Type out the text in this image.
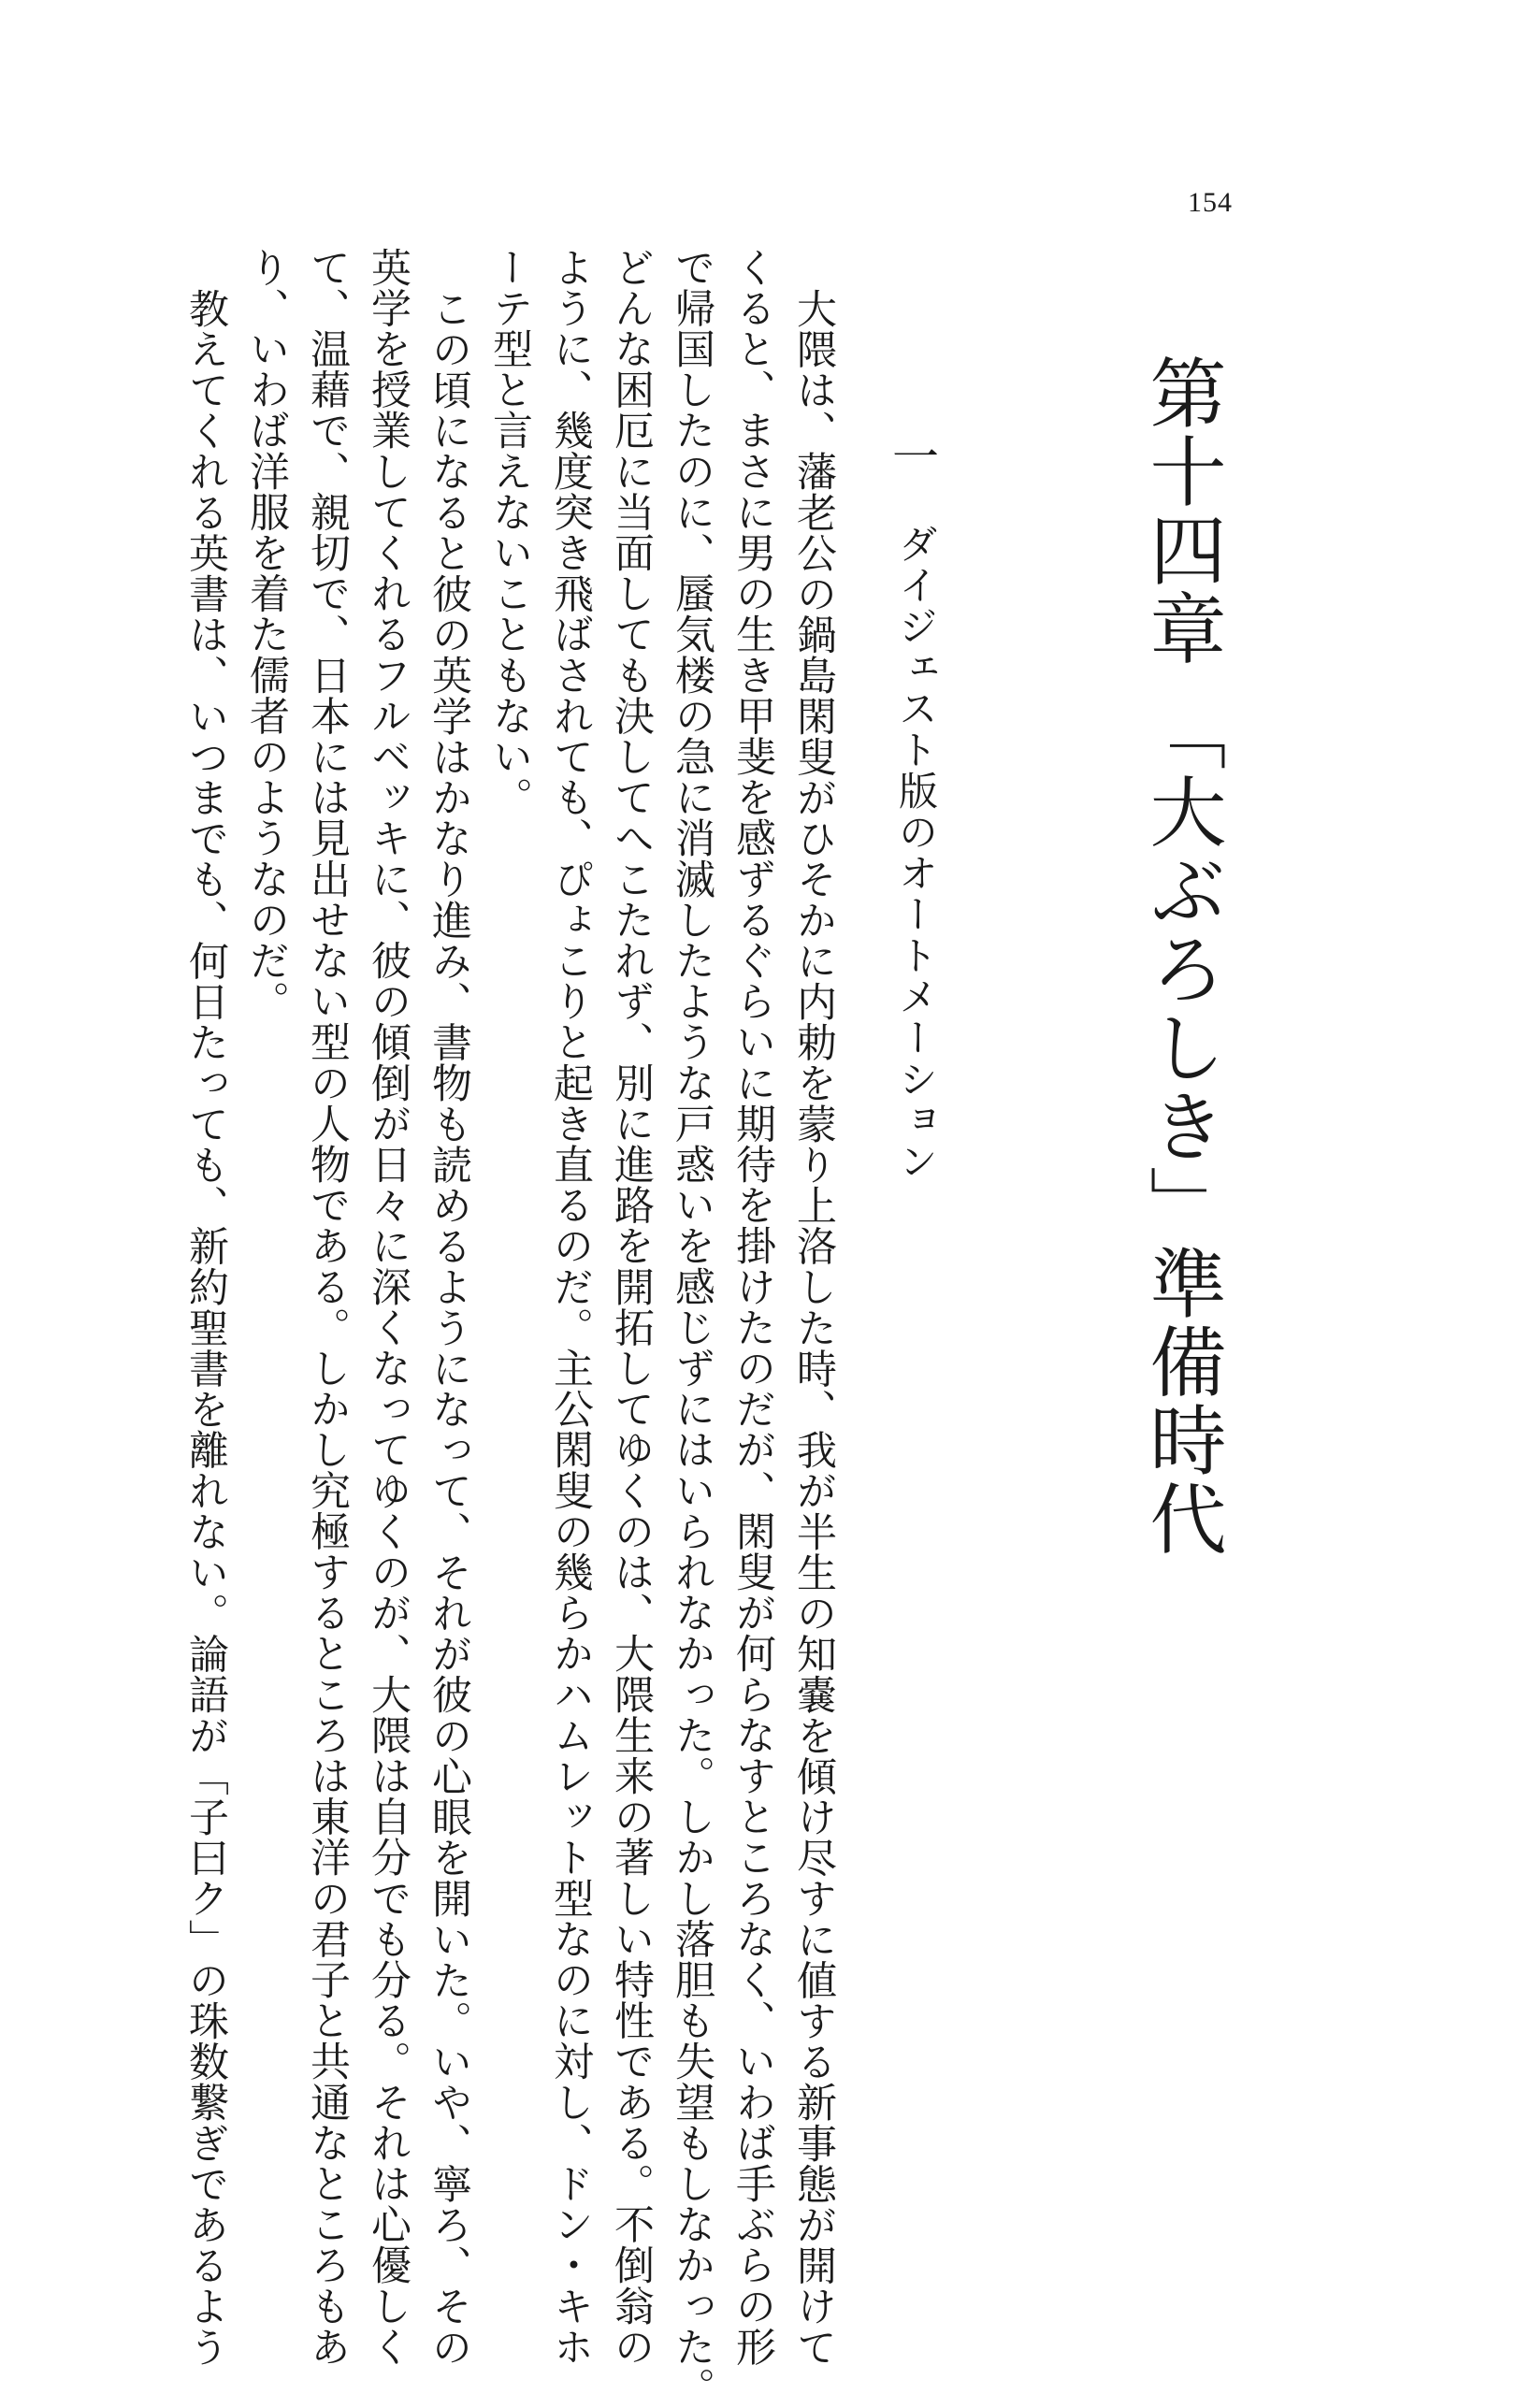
154
第十四章 「大ぶろしき」準備時代
一
ダイジェスト版のオートメーション
大隈は、藩老公の鍋島閑叟がひそかに内勅を蒙り上洛した時、我が半生の知嚢を傾け尽すに値する新事態が開けて
くると、まさに男の生き甲斐を感ずるぐらいに期待を掛けたのだが、閑叟が何らなすところなく、いわば手ぶらの形
で帰国したのに、蜃気楼の急に消滅したような戸惑いを感じずにはいられなかった。しかし落胆も失望もしなかった。
どんな困厄に当面しても決してへこたれず、別に進路を開拓してゆくのは、大隈生来の著しい特性である。不倒翁の
ように、幾度突き飛ばされても、ぴょこりと起き直るのだ。主公閑叟の幾らかハムレット型なのに対し、ドン・キホ
ーテ型と言えないこともない。
この頃になると彼の英学はかなり進み、書物も読めるようになって、それが彼の心眼を開いた。いや、寧ろ、その
英学を授業してくれるフルベッキに、彼の傾倒が日々に深くなってゆくのが、大隈は自分でも分る。それは心優しく
て、温藉で、親切で、日本には見出せない型の人物である。しかし究極するところは東洋の君子と共通なところもあ
り、いわば洋服を着た儒者のようなのだ。
教えてくれる英書は、いつまでも、何日たっても、新約聖書を離れない。論語が「子曰ク」の珠数繋ぎであるよう
